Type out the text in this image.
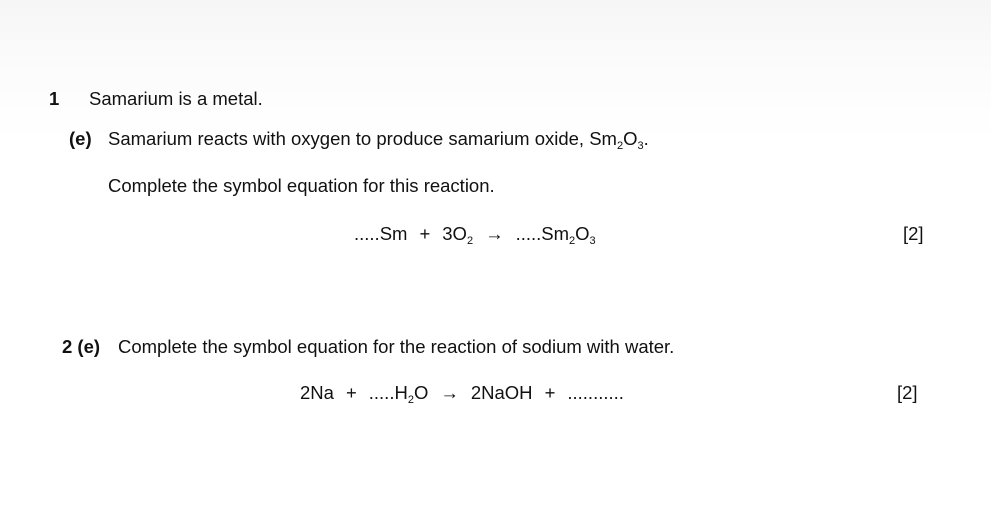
1 Samarium is a metal.
(e) Samarium reacts with oxygen to produce samarium oxide, $Sm_2O_3$.
Complete the symbol equation for this reaction.
$.....Sm + 3O_2 \to .....Sm_2O_3$	[2]
2 (e) Complete the symbol equation for the reaction of sodium with water.
$2Na + .....H_2O$ → 2NaOH + ...........	[2]
